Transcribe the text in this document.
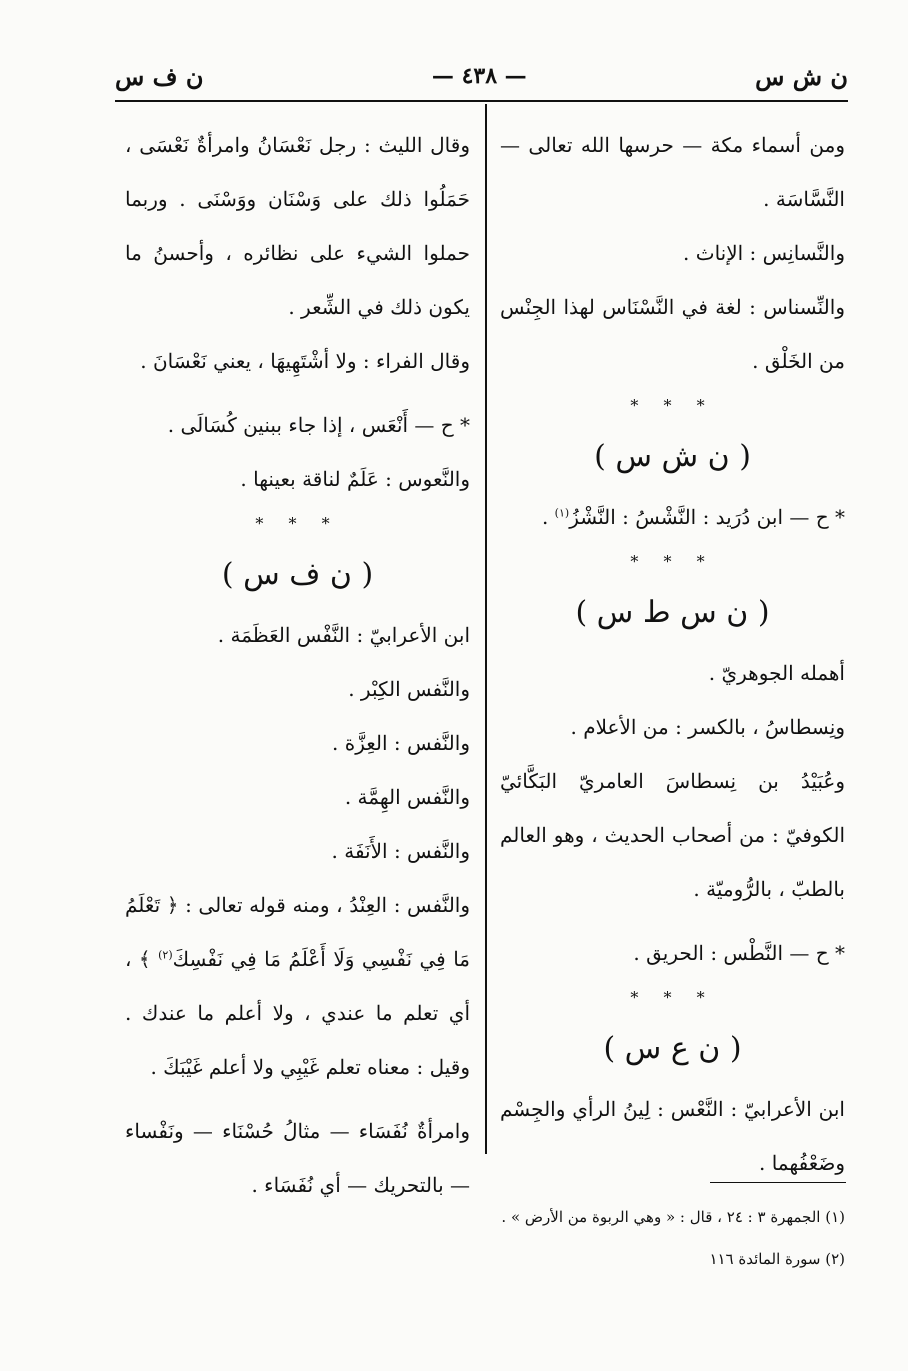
ن ش س
— ٤٣٨ —
ن ف س

ومن أسماء مكة — حرسها الله تعالى — النَّسَّاسَة .

والنَّسانِس : الإناث .

والنِّسناس : لغة في النَّسْنَاس لهذا الجِنْس من الخَلْق .

* * *

( ن ش س )

* ح — ابن دُرَيد : النَّشْسُ : النَّشْزُ$^{(١)}$ .

* * *

( ن س ط س )

أهمله الجوهريّ .

ونِسطاسُ ، بالكسر : من الأعلام .

وعُبَيْدُ بن نِسطاسَ العامريّ البَكَّائيّ الكوفيّ : من أصحاب الحديث ، وهو العالم بالطبّ ، بالرُّوميّة .

* ح — النَّطْس : الحريق .

* * *

( ن ع س )

ابن الأعرابيّ : النَّعْس : لِينُ الرأي والجِسْم وضَعْفُهما .

وقال الليث : رجل نَعْسَانُ وامرأةٌ نَعْسَى ، حَمَلُوا ذلك على وَسْنَان ووَسْنَى . وربما حملوا الشيء على نظائره ، وأحسنُ ما يكون ذلك في الشِّعر .

وقال الفراء : ولا أشْتَهِيهَا ، يعني نَعْسَانَ .

* ح — أَنْعَس ، إذا جاء ببنين كُسَالَى .

والنَّعوس : عَلَمٌ لناقة بعينها .

* * *

( ن ف س )

ابن الأعرابيّ : النَّفْس العَظَمَة .

والنَّفس الكِبْر .

والنَّفس : العِزَّة .

والنَّفس الهِمَّة .

والنَّفس : الأَنَفَة .

والنَّفس : العِنْدُ ، ومنه قوله تعالى : ﴿ تَعْلَمُ مَا فِي نَفْسِي وَلَا أَعْلَمُ مَا فِي نَفْسِكَ$^{(٢)}$ ﴾ ، أي تعلم ما عندي ، ولا أعلم ما عندك . وقيل : معناه تعلم غَيْبِي ولا أعلم غَيْبَكَ .

وامرأةٌ نُفَسَاء — مثالُ حُسْنَاء — ونَفْساء — بالتحريك — أي نُفَسَاء .

(١) الجمهرة ٣ : ٢٤ ، قال : « وهي الربوة من الأرض » .

(٢) سورة المائدة ١١٦
